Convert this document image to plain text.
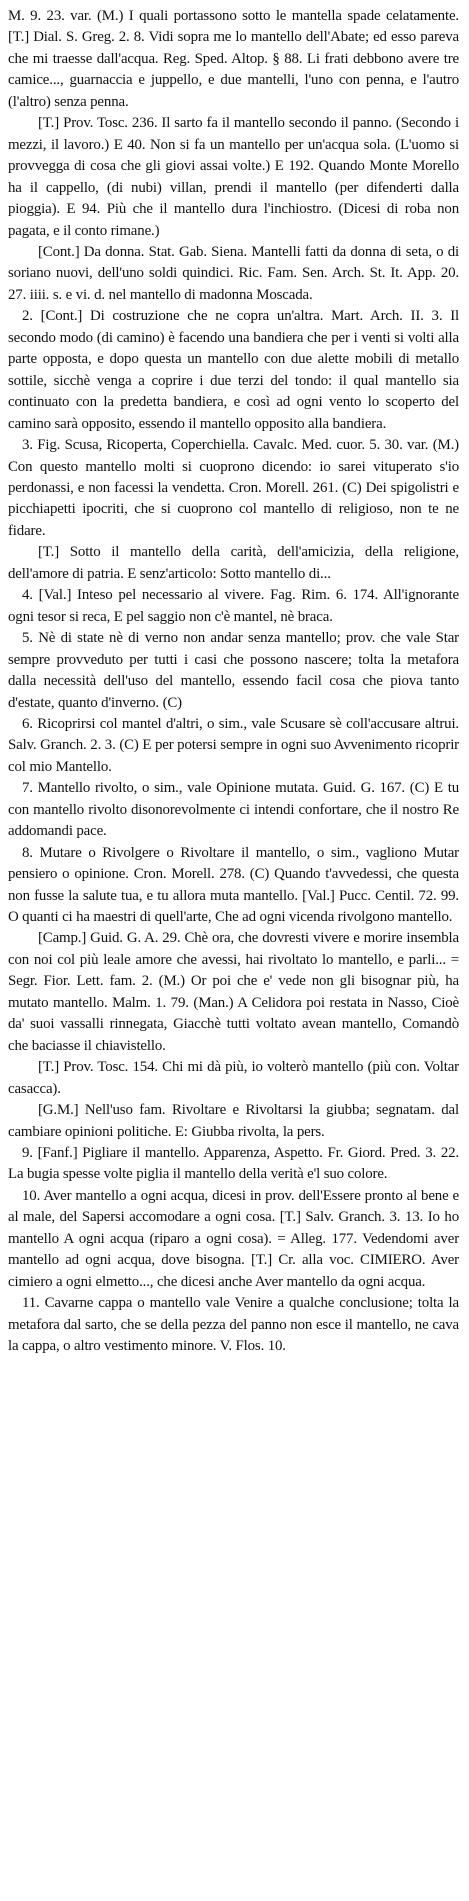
M. 9. 23. var. (M.) I quali portassono sotto le mantella spade celatamente. [T.] Dial. S. Greg. 2. 8. Vidi sopra me lo mantello dell'Abate; ed esso pareva che mi traesse dall'acqua. Reg. Sped. Altop. § 88. Li frati debbono avere tre camice..., guarnaccia e juppello, e due mantelli, l'uno con penna, e l'autro (l'altro) senza penna.

[T.] Prov. Tosc. 236. Il sarto fa il mantello secondo il panno. (Secondo i mezzi, il lavoro.) E 40. Non si fa un mantello per un'acqua sola. (L'uomo si provvegga di cosa che gli giovi assai volte.) E 192. Quando Monte Morello ha il cappello, (di nubi) villan, prendi il mantello (per difenderti dalla pioggia). E 94. Più che il mantello dura l'inchiostro. (Dicesi di roba non pagata, e il conto rimane.)

[Cont.] Da donna. Stat. Gab. Siena. Mantelli fatti da donna di seta, o di soriano nuovi, dell'uno soldi quindici. Ric. Fam. Sen. Arch. St. It. App. 20. 27. iiii. s. e vi. d. nel mantello di madonna Moscada.

2. [Cont.] Di costruzione che ne copra un'altra. Mart. Arch. II. 3. Il secondo modo (di camino) è facendo una bandiera che per i venti si volti alla parte opposta, e dopo questa un mantello con due alette mobili di metallo sottile, sicchè venga a coprire i due terzi del tondo: il qual mantello sia continuato con la predetta bandiera, e così ad ogni vento lo scoperto del camino sarà opposito, essendo il mantello opposito alla bandiera.

3. Fig. Scusa, Ricoperta, Coperchiella. Cavalc. Med. cuor. 5. 30. var. (M.) Con questo mantello molti si cuoprono dicendo: io sarei vituperato s'io perdonassi, e non facessi la vendetta. Cron. Morell. 261. (C) Dei spigolistri e picchiapetti ipocriti, che si cuoprono col mantello di religioso, non te ne fidare.

[T.] Sotto il mantello della carità, dell'amicizia, della religione, dell'amore di patria. E senz'articolo: Sotto mantello di...

4. [Val.] Inteso pel necessario al vivere. Fag. Rim. 6. 174. All'ignorante ogni tesor si reca, E pel saggio non c'è mantel, nè braca.

5. Nè di state nè di verno non andar senza mantello; prov. che vale Star sempre provveduto per tutti i casi che possono nascere; tolta la metafora dalla necessità dell'uso del mantello, essendo facil cosa che piova tanto d'estate, quanto d'inverno. (C)

6. Ricoprirsi col mantel d'altri, o sim., vale Scusare sè coll'accusare altrui. Salv. Granch. 2. 3. (C) E per potersi sempre in ogni suo Avvenimento ricoprir col mio Mantello.

7. Mantello rivolto, o sim., vale Opinione mutata. Guid. G. 167. (C) E tu con mantello rivolto disonorevolmente ci intendi confortare, che il nostro Re addomandi pace.

8. Mutare o Rivolgere o Rivoltare il mantello, o sim., vagliono Mutar pensiero o opinione. Cron. Morell. 278. (C) Quando t'avvedessi, che questa non fusse la salute tua, e tu allora muta mantello. [Val.] Pucc. Centil. 72. 99. O quanti ci ha maestri di quell'arte, Che ad ogni vicenda rivolgono mantello.

[Camp.] Guid. G. A. 29. Chè ora, che dovresti vivere e morire insembla con noi col più leale amore che avessi, hai rivoltato lo mantello, e parli... = Segr. Fior. Lett. fam. 2. (M.) Or poi che e' vede non gli bisognar più, ha mutato mantello. Malm. 1. 79. (Man.) A Celidora poi restata in Nasso, Cioè da' suoi vassalli rinnegata, Giacchè tutti voltato avean mantello, Comandò che baciasse il chiavistello.

[T.] Prov. Tosc. 154. Chi mi dà più, io volterò mantello (più con. Voltar casacca).

[G.M.] Nell'uso fam. Rivoltare e Rivoltarsi la giubba; segnatam. dal cambiare opinioni politiche. E: Giubba rivolta, la pers.

9. [Fanf.] Pigliare il mantello. Apparenza, Aspetto. Fr. Giord. Pred. 3. 22. La bugia spesse volte piglia il mantello della verità e'l suo colore.

10. Aver mantello a ogni acqua, dicesi in prov. dell'Essere pronto al bene e al male, del Sapersi accomodare a ogni cosa. [T.] Salv. Granch. 3. 13. Io ho mantello A ogni acqua (riparo a ogni cosa). = Alleg. 177. Vedendomi aver mantello ad ogni acqua, dove bisogna. [T.] Cr. alla voc. CIMIERO. Aver cimiero a ogni elmetto..., che dicesi anche Aver mantello da ogni acqua.

11. Cavarne cappa o mantello vale Venire a qualche conclusione; tolta la metafora dal sarto, che se della pezza del panno non esce il mantello, ne cava la cappa, o altro vestimento minore. V. Flos. 10.
